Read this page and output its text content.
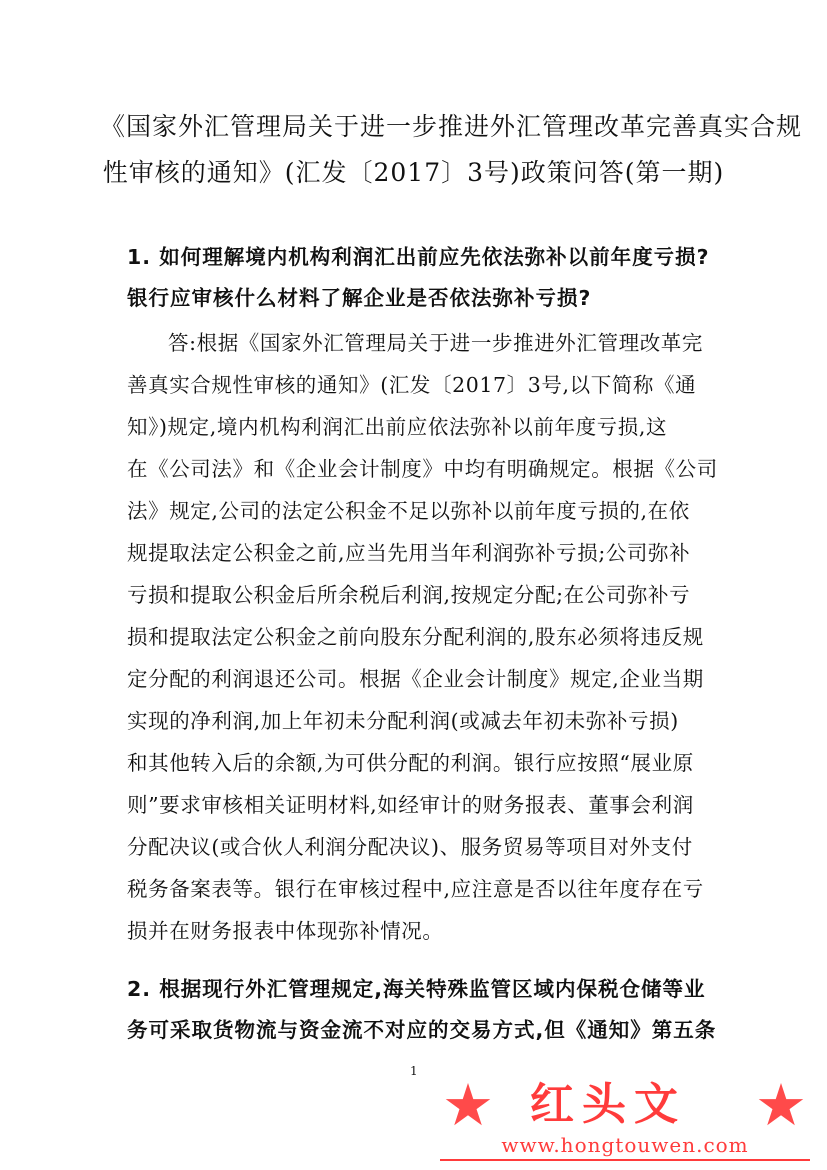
《国家外汇管理局关于进一步推进外汇管理改革完善真实合规
性审核的通知》(汇发〔2017〕3号)政策问答(第一期)
1. 如何理解境内机构利润汇出前应先依法弥补以前年度亏损?
银行应审核什么材料了解企业是否依法弥补亏损?
答:根据《国家外汇管理局关于进一步推进外汇管理改革完
善真实合规性审核的通知》(汇发〔2017〕3号,以下简称《通
知》)规定,境内机构利润汇出前应依法弥补以前年度亏损,这
在《公司法》和《企业会计制度》中均有明确规定。根据《公司
法》规定,公司的法定公积金不足以弥补以前年度亏损的,在依
规提取法定公积金之前,应当先用当年利润弥补亏损;公司弥补
亏损和提取公积金后所余税后利润,按规定分配;在公司弥补亏
损和提取法定公积金之前向股东分配利润的,股东必须将违反规
定分配的利润退还公司。根据《企业会计制度》规定,企业当期
实现的净利润,加上年初未分配利润(或减去年初未弥补亏损)
和其他转入后的余额,为可供分配的利润。银行应按照“展业原
则”要求审核相关证明材料,如经审计的财务报表、董事会利润
分配决议(或合伙人利润分配决议)、服务贸易等项目对外支付
税务备案表等。银行在审核过程中,应注意是否以往年度存在亏
损并在财务报表中体现弥补情况。
2. 根据现行外汇管理规定,海关特殊监管区域内保税仓储等业
务可采取货物流与资金流不对应的交易方式,但《通知》第五条
1 ★ 红头文 ★
www.hongtouwen.com
